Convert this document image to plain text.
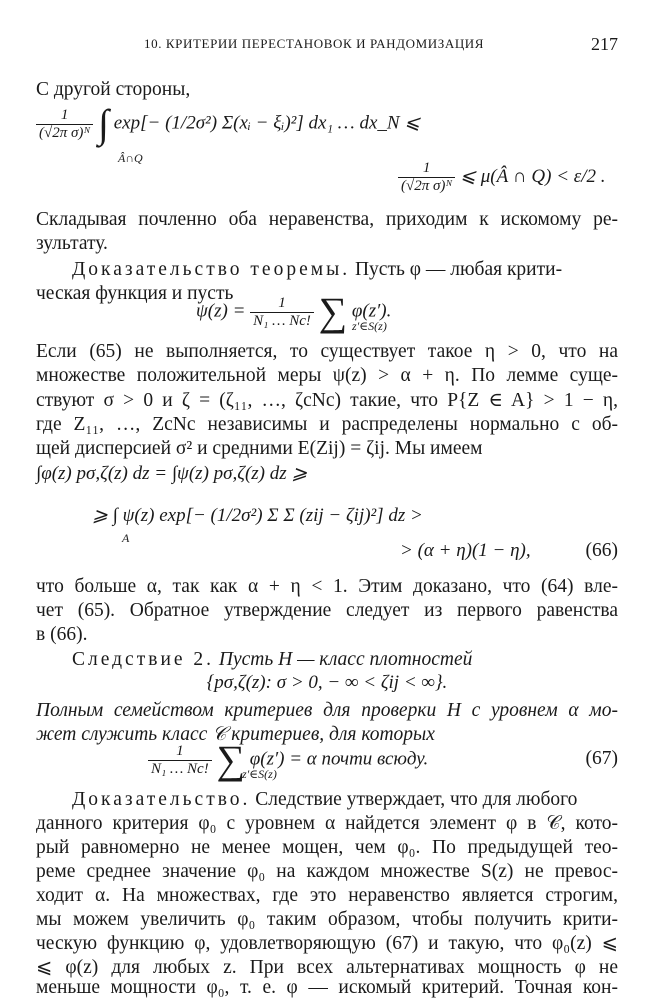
10. КРИТЕРИИ ПЕРЕСТАНОВОК И РАНДОМИЗАЦИЯ	217
С другой стороны,
$\frac{1}{\text{(√2π σ)ᴺ}}$ ∫ exp[− (1/2σ²) Σ(xᵢ − ξᵢ)²] dx₁ … dx_N ⩽
Â∩Q
$\frac{1}{\text{(√2π σ)ᴺ}}$ ⩽ μ(Â ∩ Q) < ε/2 .
Складывая почленно оба неравенства, приходим к искомому ре-
зультату.
Доказательство теоремы. Пусть φ — любая крити-
ческая функция и пусть
$\psi(z) = \frac{1}{\text{N₁ … Nc!}}$ ∑ φ(z′).
z′∈S(z)
Если (65) не выполняется, то существует такое η > 0, что на
множестве положительной меры ψ(z) > α + η. По лемме суще-
ствуют σ > 0 и ζ = (ζ₁₁, …, ζcNc) такие, что P{Z ∈ A} > 1 − η,
где Z₁₁, …, ZcNc независимы и распределены нормально с об-
щей дисперсией σ² и средними E(Zij) = ζij. Мы имеем
∫φ(z) pσ,ζ(z) dz = ∫ψ(z) pσ,ζ(z) dz ⩾
⩾ ∫ ψ(z) exp[− (1/2σ²) Σ Σ (zij − ζij)²] dz >
A
> (α + η)(1 − η),	(66)
что больше α, так как α + η < 1. Этим доказано, что (64) вле-
чет (65). Обратное утверждение следует из первого равенства
в (66).
Следствие 2. Пусть H — класс плотностей
{pσ,ζ(z): σ > 0, − ∞ < ζij < ∞}.
Полным семейством критериев для проверки H с уровнем α мо-
жет служить класс 𝒞 критериев, для которых
$\frac{1}{\text{N₁ … Nc!}}$ ∑ φ(z′) = α почти всюду.
z′∈S(z)
(67)
Доказательство. Следствие утверждает, что для любого
данного критерия φ₀ с уровнем α найдется элемент φ в 𝒞, кото-
рый равномерно не менее мощен, чем φ₀. По предыдущей тео-
реме среднее значение φ₀ на каждом множестве S(z) не превос-
ходит α. На множествах, где это неравенство является строгим,
мы можем увеличить φ₀ таким образом, чтобы получить крити-
ческую функцию φ, удовлетворяющую (67) и такую, что φ₀(z) ⩽
⩽ φ(z) для любых z. При всех альтернативах мощность φ не
меньше мощности φ₀, т. е. φ — искомый критерий. Точная кон-
